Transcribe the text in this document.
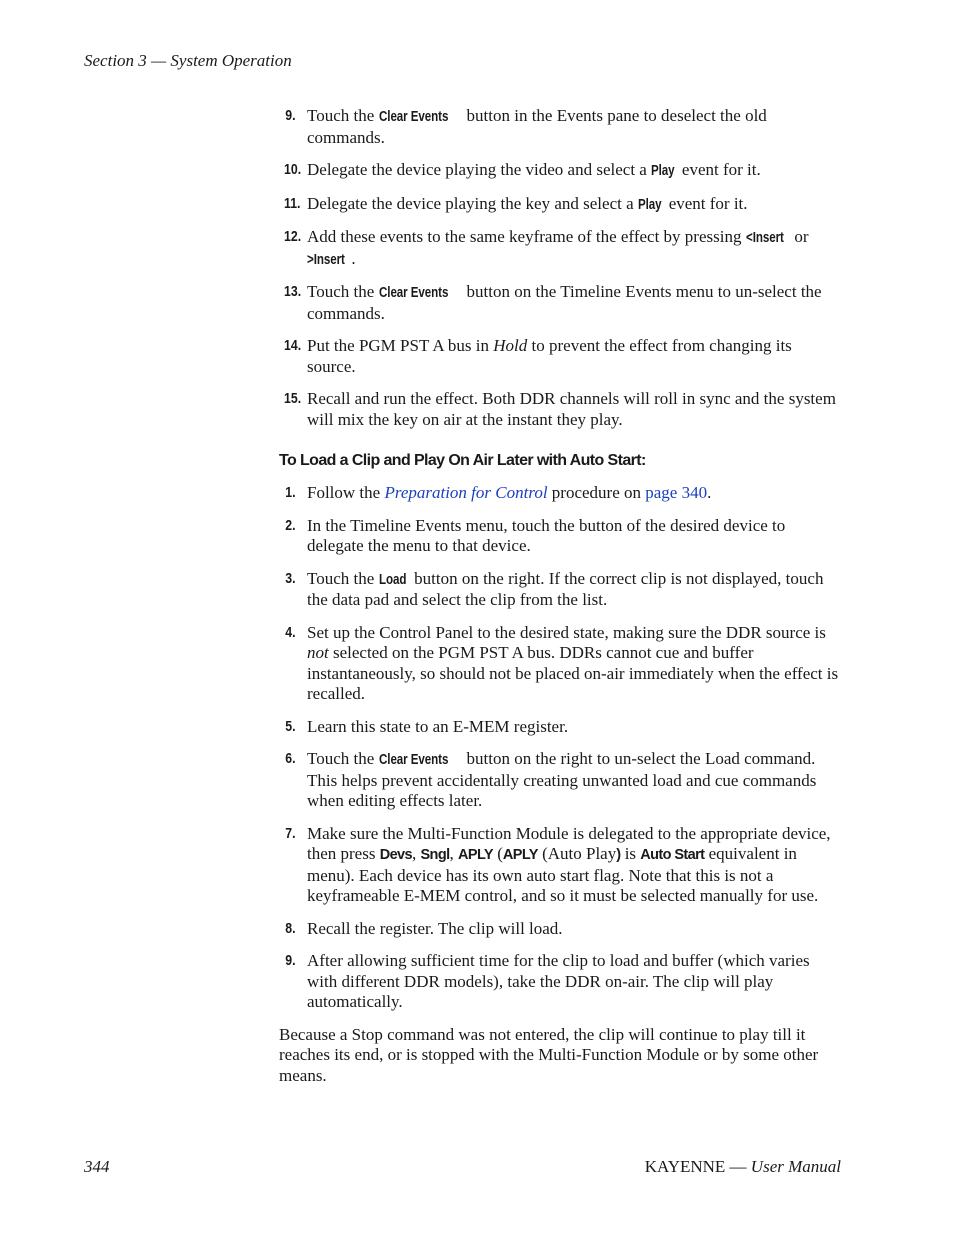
Section 3 — System Operation
9. Touch the Clear Events button in the Events pane to deselect the old commands.
10. Delegate the device playing the video and select a Play event for it.
11. Delegate the device playing the key and select a Play event for it.
12. Add these events to the same keyframe of the effect by pressing <Insert or >Insert .
13. Touch the Clear Events button on the Timeline Events menu to un-select the commands.
14. Put the PGM PST A bus in Hold to prevent the effect from changing its source.
15. Recall and run the effect. Both DDR channels will roll in sync and the system will mix the key on air at the instant they play.
To Load a Clip and Play On Air Later with Auto Start:
1. Follow the Preparation for Control procedure on page 340.
2. In the Timeline Events menu, touch the button of the desired device to delegate the menu to that device.
3. Touch the Load button on the right. If the correct clip is not displayed, touch the data pad and select the clip from the list.
4. Set up the Control Panel to the desired state, making sure the DDR source is not selected on the PGM PST A bus. DDRs cannot cue and buffer instantaneously, so should not be placed on-air immediately when the effect is recalled.
5. Learn this state to an E-MEM register.
6. Touch the Clear Events button on the right to un-select the Load command. This helps prevent accidentally creating unwanted load and cue commands when editing effects later.
7. Make sure the Multi-Function Module is delegated to the appropriate device, then press Devs, Sngl, APLY (APLY (Auto Play) is Auto Start equivalent in menu). Each device has its own auto start flag. Note that this is not a keyframeable E-MEM control, and so it must be selected manually for use.
8. Recall the register. The clip will load.
9. After allowing sufficient time for the clip to load and buffer (which varies with different DDR models), take the DDR on-air. The clip will play automatically.

Because a Stop command was not entered, the clip will continue to play till it reaches its end, or is stopped with the Multi-Function Module or by some other means.

344	KAYENNE — User Manual
